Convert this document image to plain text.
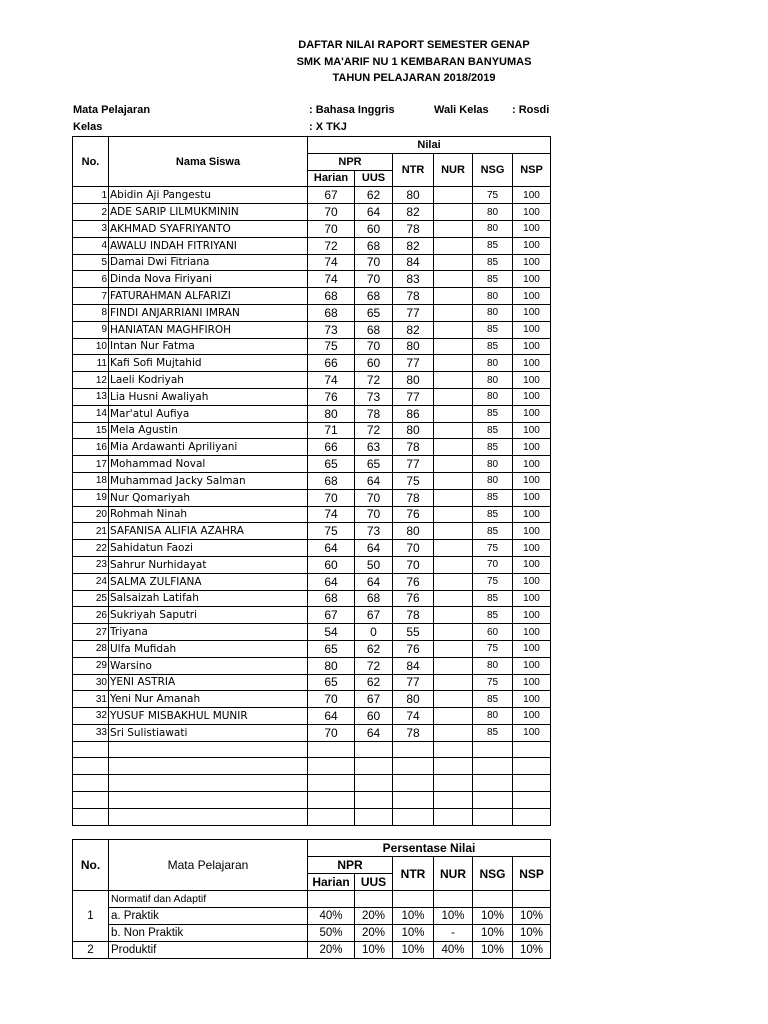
DAFTAR NILAI RAPORT SEMESTER GENAP
SMK MA'ARIF NU 1 KEMBARAN BANYUMAS
TAHUN PELAJARAN 2018/2019
Mata Pelajaran	: Bahasa Inggris	Wali Kelas : Rosdi
Kelas	: X TKJ
No.	Nama Siswa	Nilai					
		NPR		NTR	NUR	NSG	NSP
		Harian	UUS				
1	Abidin Aji Pangestu	67	62	80		75	100
2	ADE SARIP LILMUKMININ	70	64	82		80	100
3	AKHMAD SYAFRIYANTO	70	60	78		80	100
4	AWALU INDAH FITRIYANI	72	68	82		85	100
5	Damai Dwi Fitriana	74	70	84		85	100
6	Dinda Nova Firiyani	74	70	83		85	100
7	FATURAHMAN ALFARIZI	68	68	78		80	100
8	FINDI ANJARRIANI IMRAN	68	65	77		80	100
9	HANIATAN MAGHFIROH	73	68	82		85	100
10	Intan Nur Fatma	75	70	80		85	100
11	Kafi Sofi Mujtahid	66	60	77		80	100
12	Laeli Kodriyah	74	72	80		80	100
13	Lia Husni Awaliyah	76	73	77		80	100
14	Mar'atul Aufiya	80	78	86		85	100
15	Mela Agustin	71	72	80		85	100
16	Mia Ardawanti Apriliyani	66	63	78		85	100
17	Mohammad Noval	65	65	77		80	100
18	Muhammad Jacky Salman	68	64	75		80	100
19	Nur Qomariyah	70	70	78		85	100
20	Rohmah Ninah	74	70	76		85	100
21	SAFANISA ALIFIA AZAHRA	75	73	80		85	100
22	Sahidatun Faozi	64	64	70		75	100
23	Sahrur Nurhidayat	60	50	70		70	100
24	SALMA ZULFIANA	64	64	76		75	100
25	Salsaizah Latifah	68	68	76		85	100
26	Sukriyah Saputri	67	67	78		85	100
27	Triyana	54	0	55		60	100
28	Ulfa Mufidah	65	62	76		75	100
29	Warsino	80	72	84		80	100
30	YENI ASTRIA	65	62	77		75	100
31	Yeni Nur Amanah	70	67	80		85	100
32	YUSUF MISBAKHUL MUNIR	64	60	74		80	100
33	Sri Sulistiawati	70	64	78		85	100

No.	Mata Pelajaran	Persentase Nilai					
		NPR		NTR	NUR	NSG	NSP
		Harian	UUS				
1	Normatif dan Adaptif						
	a. Praktik	40%	20%	10%	10%	10%	10%
	b. Non Praktik	50%	20%	10%	-	10%	10%
2	Produktif	20%	10%	10%	40%	10%	10%
